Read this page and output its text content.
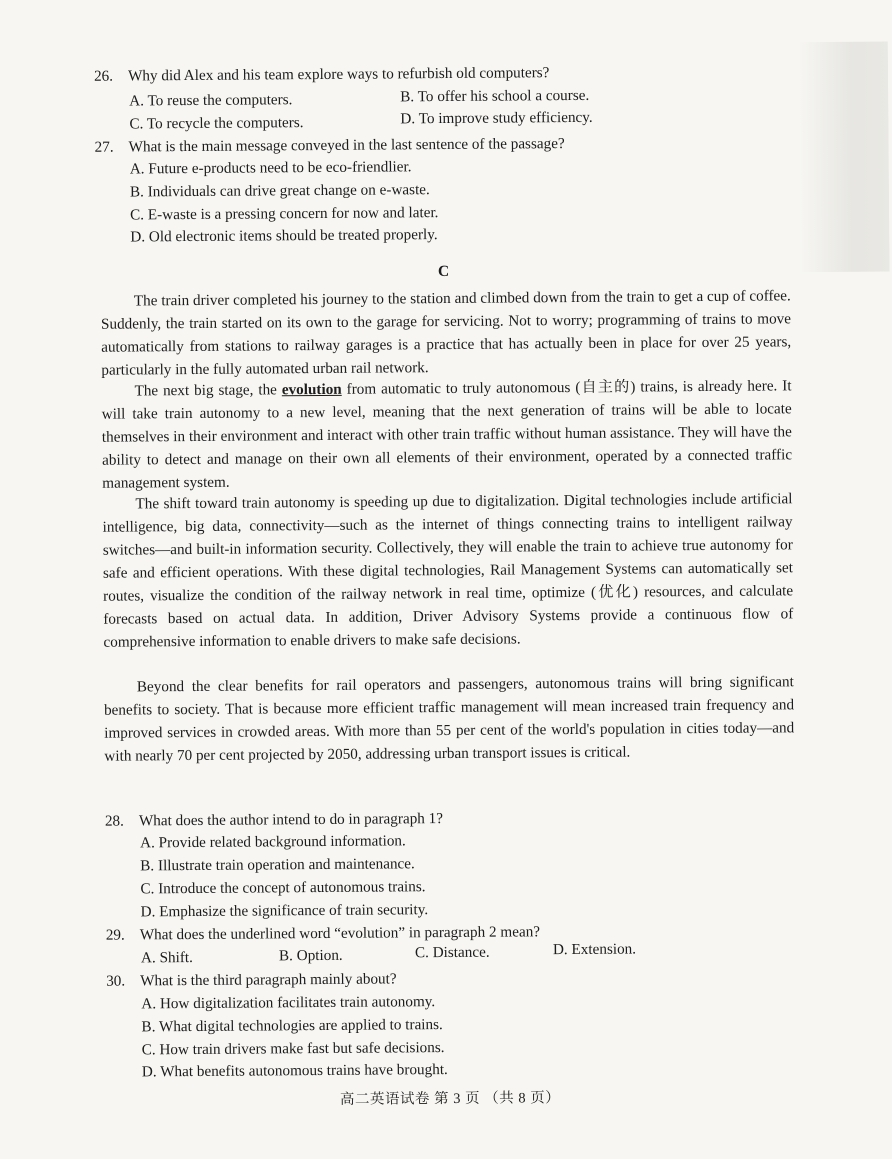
26. Why did Alex and his team explore ways to refurbish old computers?
A. To reuse the computers.	B. To offer his school a course.
C. To recycle the computers.	D. To improve study efficiency.
27. What is the main message conveyed in the last sentence of the passage?
A. Future e-products need to be eco-friendlier.
B. Individuals can drive great change on e-waste.
C. E-waste is a pressing concern for now and later.
D. Old electronic items should be treated properly.
C
The train driver completed his journey to the station and climbed down from the train to get a cup of coffee. Suddenly, the train started on its own to the garage for servicing. Not to worry; programming of trains to move automatically from stations to railway garages is a practice that has actually been in place for over 25 years, particularly in the fully automated urban rail network.
The next big stage, the evolution from automatic to truly autonomous (自主的) trains, is already here. It will take train autonomy to a new level, meaning that the next generation of trains will be able to locate themselves in their environment and interact with other train traffic without human assistance. They will have the ability to detect and manage on their own all elements of their environment, operated by a connected traffic management system.
The shift toward train autonomy is speeding up due to digitalization. Digital technologies include artificial intelligence, big data, connectivity—such as the internet of things connecting trains to intelligent railway switches—and built-in information security. Collectively, they will enable the train to achieve true autonomy for safe and efficient operations. With these digital technologies, Rail Management Systems can automatically set routes, visualize the condition of the railway network in real time, optimize (优化) resources, and calculate forecasts based on actual data. In addition, Driver Advisory Systems provide a continuous flow of comprehensive information to enable drivers to make safe decisions.
Beyond the clear benefits for rail operators and passengers, autonomous trains will bring significant benefits to society. That is because more efficient traffic management will mean increased train frequency and improved services in crowded areas. With more than 55 per cent of the world's population in cities today—and with nearly 70 per cent projected by 2050, addressing urban transport issues is critical.
28. What does the author intend to do in paragraph 1?
A. Provide related background information.
B. Illustrate train operation and maintenance.
C. Introduce the concept of autonomous trains.
D. Emphasize the significance of train security.
29. What does the underlined word “evolution” in paragraph 2 mean?
A. Shift.	B. Option.	C. Distance.	D. Extension.
30. What is the third paragraph mainly about?
A. How digitalization facilitates train autonomy.
B. What digital technologies are applied to trains.
C. How train drivers make fast but safe decisions.
D. What benefits autonomous trains have brought.
高二英语试卷 第 3 页 （共 8 页）
